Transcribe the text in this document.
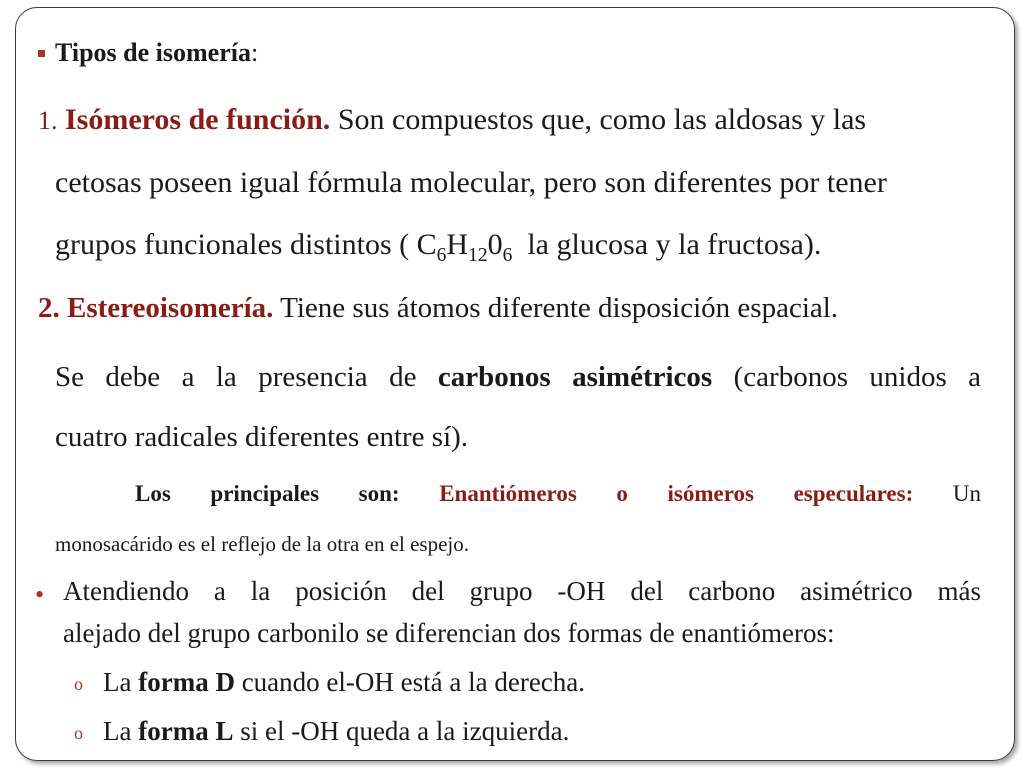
Tipos de isomería:
1. Isómeros de función. Son compuestos que, como las aldosas y las
cetosas poseen igual fórmula molecular, pero son diferentes por tener
grupos funcionales distintos ( $C_6H_{12}0_6$ la glucosa y la fructosa).
2. Estereoisomería. Tiene sus átomos diferente disposición espacial.
Se debe a la presencia de carbonos asimétricos (carbonos unidos a
cuatro radicales diferentes entre sí).
Los principales son: Enantiómeros o isómeros especulares: Un
monosacárido es el reflejo de la otra en el espejo.
• Atendiendo a la posición del grupo -OH del carbono asimétrico más
alejado del grupo carbonilo se diferencian dos formas de enantiómeros:
o La forma D cuando el-OH está a la derecha.
o La forma L si el -OH queda a la izquierda.
